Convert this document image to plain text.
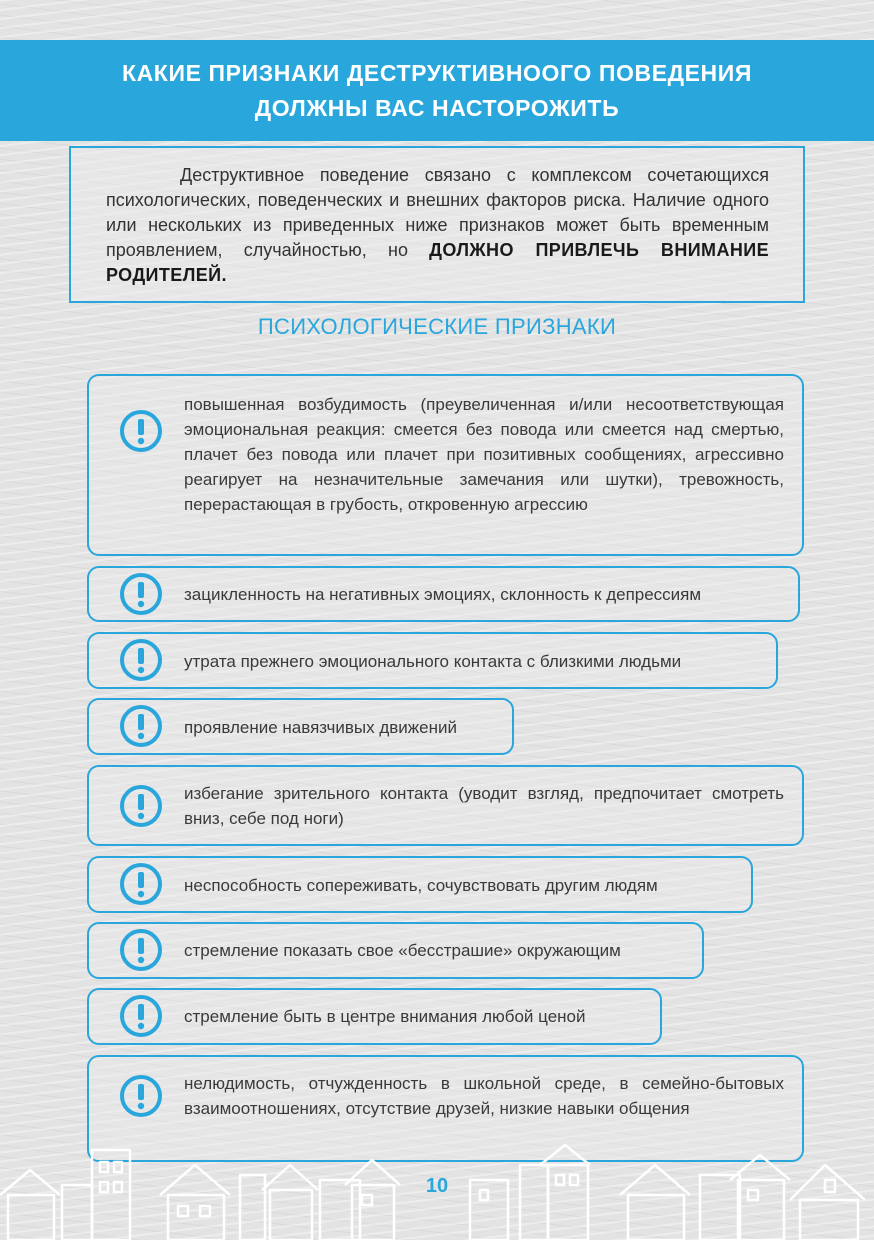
КАКИЕ ПРИЗНАКИ ДЕСТРУКТИВНООГО ПОВЕДЕНИЯ
ДОЛЖНЫ ВАС НАСТОРОЖИТЬ
Деструктивное поведение связано с комплексом сочетающихся психологических, поведенческих и внешних факторов риска. Наличие одного или нескольких из приведенных ниже признаков может быть временным проявлением, случайностью, но ДОЛЖНО ПРИВЛЕЧЬ ВНИМАНИЕ РОДИТЕЛЕЙ.
ПСИХОЛОГИЧЕСКИЕ ПРИЗНАКИ
повышенная возбудимость (преувеличенная и/или несоответствующая эмоциональная реакция: смеется без повода или смеется над смертью, плачет без повода или плачет при позитивных сообщениях, агрессивно реагирует на незначительные замечания или шутки), тревожность, перерастающая в грубость, откровенную агрессию
зацикленность на негативных эмоциях, склонность к депрессиям
утрата прежнего эмоционального контакта с близкими людьми
проявление навязчивых движений
избегание зрительного контакта (уводит взгляд, предпочитает смотреть вниз, себе под ноги)
неспособность сопереживать, сочувствовать другим людям
стремление показать свое «бесстрашие» окружающим
стремление быть в центре внимания любой ценой
нелюдимость, отчужденность в школьной среде, в семейно-бытовых взаимоотношениях, отсутствие друзей, низкие навыки общения
10
